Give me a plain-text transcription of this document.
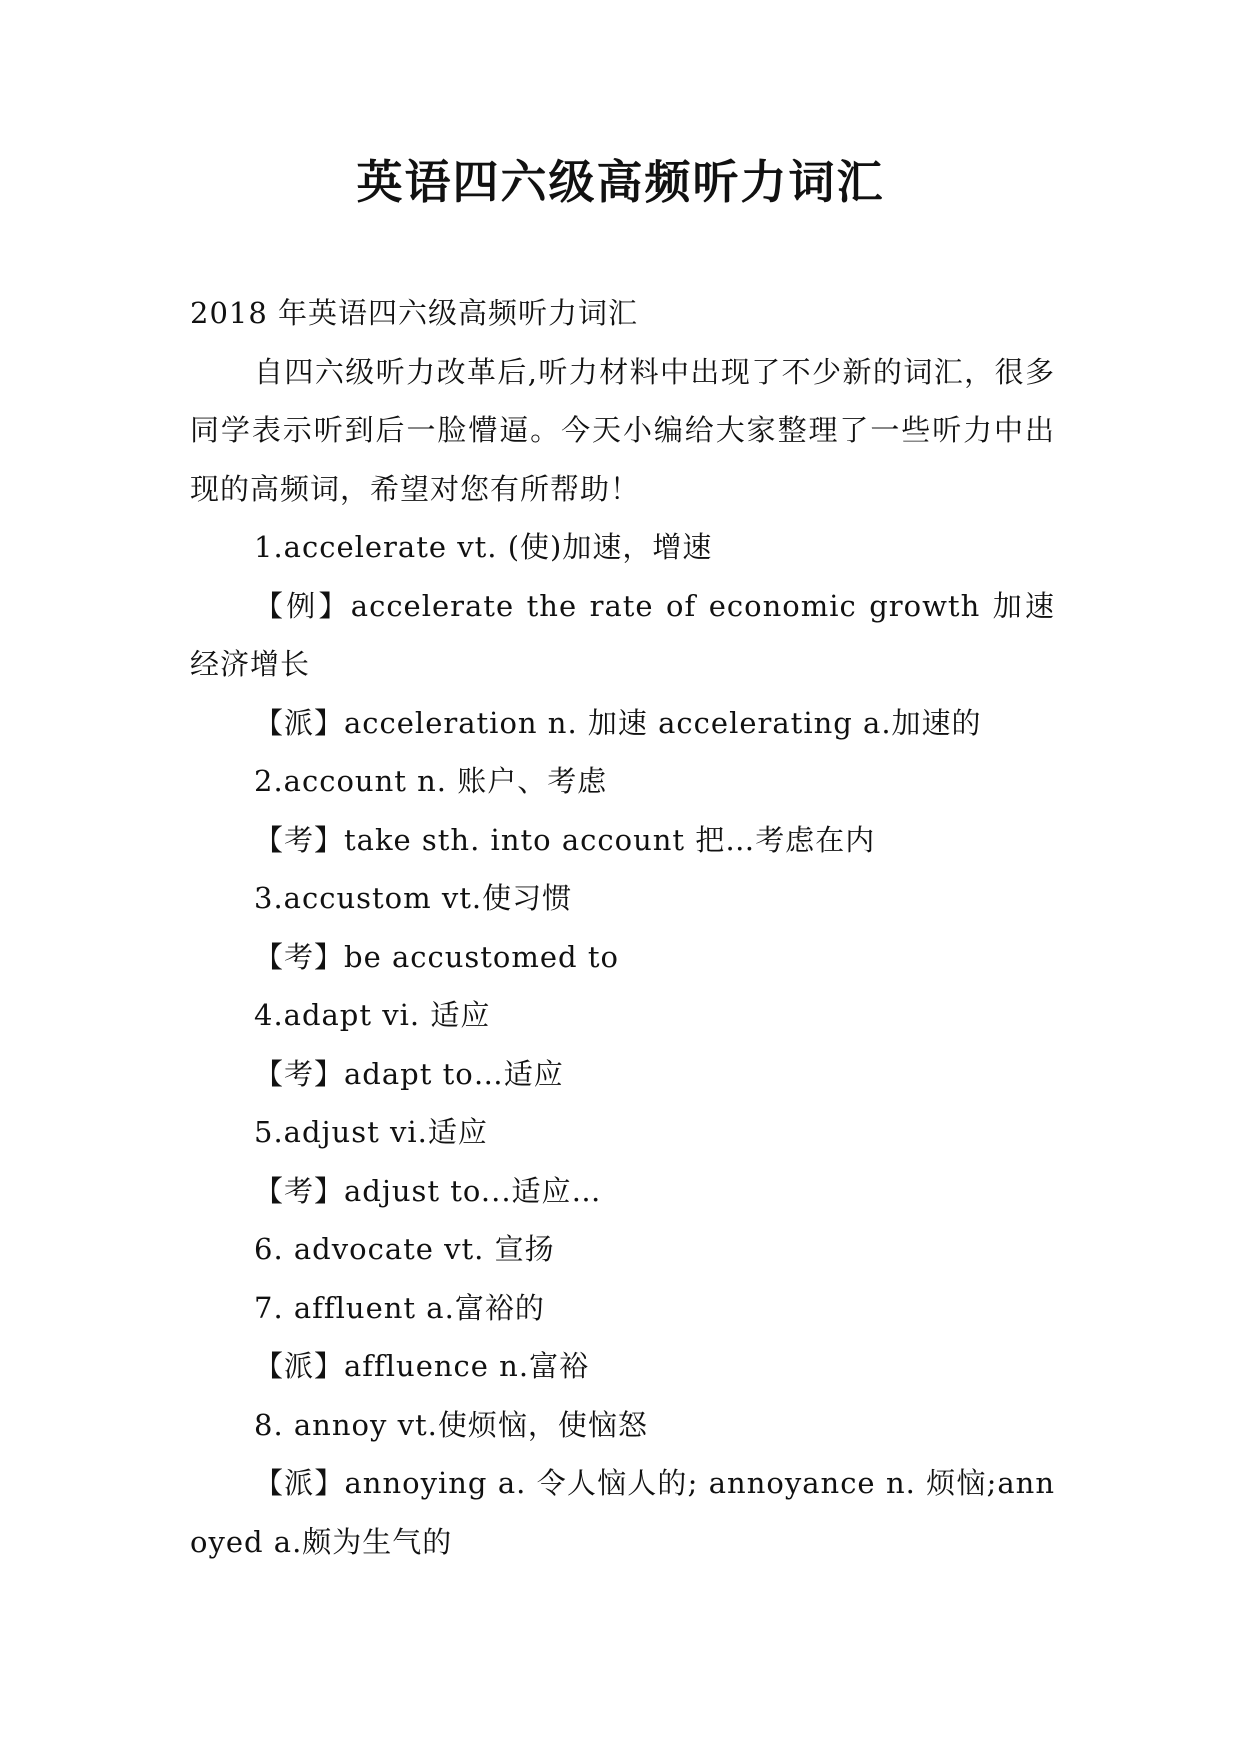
英语四六级高频听力词汇

2018 年英语四六级高频听力词汇

自四六级听力改革后,听力材料中出现了不少新的词汇，很多同学表示听到后一脸懵逼。今天小编给大家整理了一些听力中出现的高频词，希望对您有所帮助！

1.accelerate vt. (使)加速，增速

【例】accelerate the rate of economic growth 加速经济增长

【派】acceleration n. 加速 accelerating a.加速的

2.account n. 账户、考虑

【考】take sth. into account 把…考虑在内

3.accustom vt.使习惯

【考】be accustomed to

4.adapt vi. 适应

【考】adapt to…适应

5.adjust vi.适应

【考】adjust to...适应…

6. advocate vt. 宣扬

7. affluent a.富裕的

【派】affluence n.富裕

8. annoy vt.使烦恼，使恼怒

【派】annoying a. 令人恼人的; annoyance n. 烦恼;annoyed a.颇为生气的
